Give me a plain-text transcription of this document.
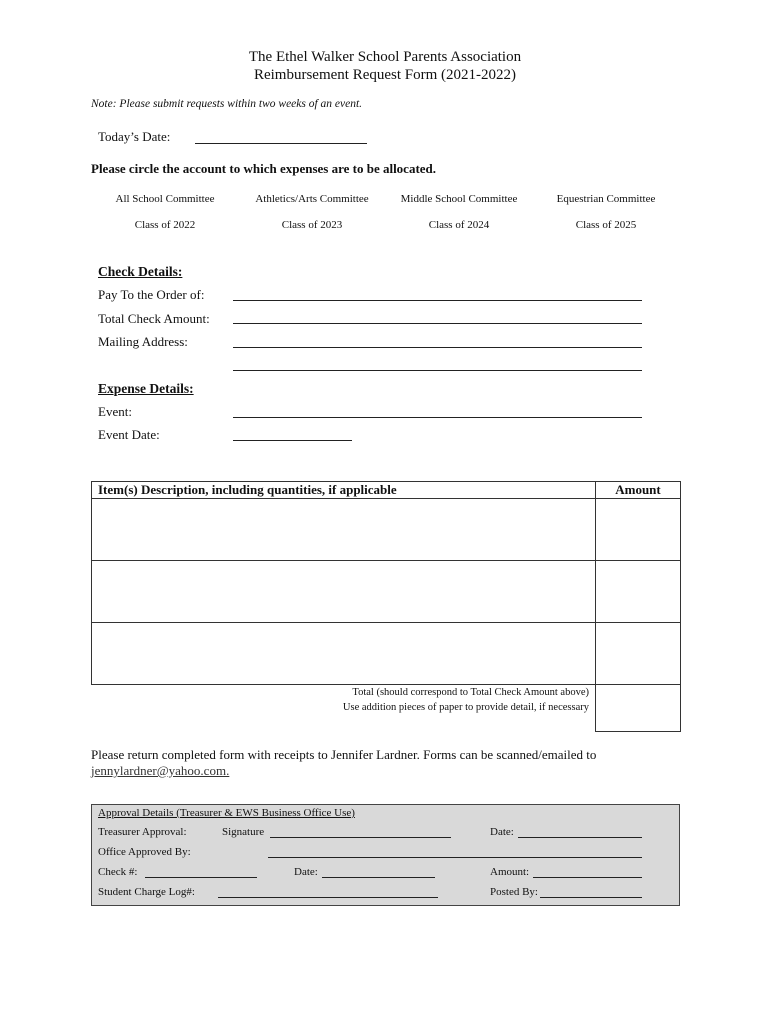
The Ethel Walker School Parents Association
Reimbursement Request Form (2021-2022)
Note: Please submit requests within two weeks of an event.
Today’s Date:
Please circle the account to which expenses are to be allocated.
All School Committee	Athletics/Arts Committee	Middle School Committee	Equestrian Committee
Class of 2022	Class of 2023	Class of 2024	Class of 2025
Check Details:
Pay To the Order of:
Total Check Amount:
Mailing Address:
Expense Details:
Event:
Event Date:
Item(s) Description, including quantities, if applicable	Amount

Total (should correspond to Total Check Amount above)
Use addition pieces of paper to provide detail, if necessary	

Please return completed form with receipts to Jennifer Lardner. Forms can be scanned/emailed to
jennylardner@yahoo.com.
Approval Details (Treasurer & EWS Business Office Use)
Treasurer Approval:	Signature	Date:
Office Approved By:
Check #:	Date:	Amount:
Student Charge Log#:	Posted By:
